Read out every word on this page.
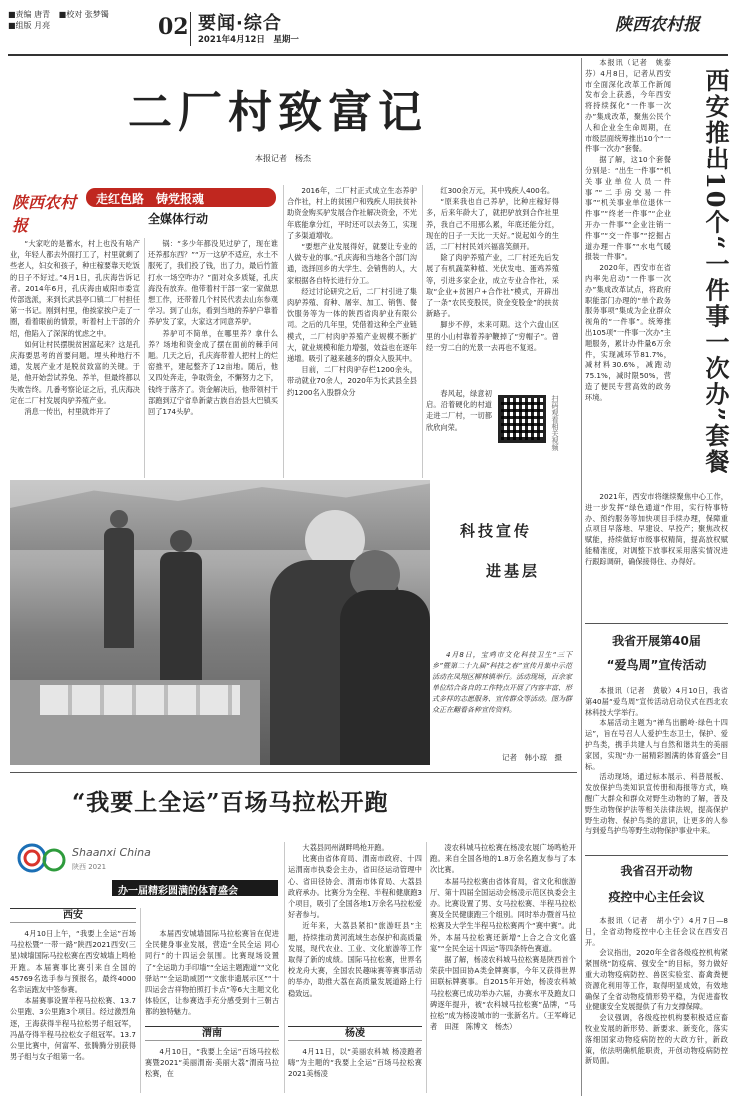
■责编 唐青 ■校对 张梦镯
■组版 月亮	02 要闻·综合
2021年4月12日　星期一
陕西农村报
二厂村致富记
本报记者　杨杰
陕西农村报
走红色路　铸党报魂
全媒体行动

“大家吃的是蓄水，村上也没有啥产业，年轻人都去外面打工了，村里就剩了些老人，妇女和孩子，种庄稼要靠天吃饭的日子不好过。”4月1日，孔庆海告诉记者。2014年6月，孔庆海由咸阳市委宣传部选派，来到长武县亭口镇二厂村担任第一书记。刚到村里，他挨家挨户走了一圈，看着眼前的情景，听着村上干部的介绍，他陷入了深深的忧虑之中。

如何让村民摆脱贫困富起来？这是孔庆海要思考的首要问题。埋头种地行不通，发展产业才是脱贫致富的关键。于是，他开始尝试养兔、养羊，但最终都以失败告终。几番考察论证之后，孔庆海决定在二厂村发展肉驴养殖产业。

消息一传出，村里就炸开了

锅：“多少年都没见过驴了，现在谁还养那东西？”“万一这驴不适应，水土不服死了，我们投了钱，出了力，最后竹篮打水一场空咋办？”面对众多质疑，孔庆海没有放弃。他带着村干部一家一家做思想工作，还带着几个村民代表去山东参观学习。到了山东，看到当地的养驴户靠着养驴发了家，大家这才同意养驴。

养驴可不简单，在哪里养？拿什么养？场地和资金成了摆在面前的棘手问题。几天之后，孔庆海带着人把村上的烂窑推平，建起整齐了12亩地。随后，他又四处奔走，争取资金，不懈努力之下，钱终于落齐了。资金解决后，他带领村干部跑到辽宁省阜新蒙古族自治县大巴镇买回了174头驴。

2016年，二厂村正式成立生态养驴合作社，村上的贫困户和残疾人用扶贫补助资金购买驴发展合作社解决资金，不光年底能拿分红，平时还可以去务工，实现了多渠道增收。

“要想产业发展得好，就要让专业的人做专业的事。”孔庆海和当地各个部门沟通，选择回乡的大学生、会销售的人，大家根据各自特长进行分工。

经过讨论研究之后，二厂村引进了集肉驴养殖、育种、屠宰、加工、销售、餐饮服务等为一体的陕西省肉驴业有限公司。之后的几年里，凭借着这种全产业链模式，二厂村肉驴养殖产业规模不断扩大，就业规模和能力增强，效益也在逐年递增。吸引了越来越多的群众入股其中。

目前，二厂村肉驴存栏1200余头，带动就业70余人，2020年为长武县全县约1200名入股群众分

红300余万元，其中残疾人400名。

“原来我也自己养驴，比种庄稼好得多，后来年龄大了，就把驴放到合作社里养，我自己不用那么累，年底还能分红，现在的日子一天比一天好。”说起如今的生活，二厂村村民刘兴福喜笑颜开。

除了肉驴养殖产业，二厂村还先后发展了有机蔬菜种植、光伏发电、蛋鸡养殖等，引进多家企业，成立专业合作社，采取“企业+贫困户+合作社”模式，开辟出了一条“农民变股民，资金变股金”的扶贫新路子。

脚步不停，未来可期。这个六盘山区里的小山村靠着养驴鞭掉了“穷帽子”。曾经一穷二白的光景一去再也不复返。

春风起，绿意初启。沿着硬化的村道走进二厂村，一切都欣欣向荣。	扫码观看相关视频
科技宣传
进基层
4月8日，宝鸡市文化科技卫生“三下乡”暨第二十九届“科技之春”宣传月集中示范活动在凤翔区柳林镇举行。活动现场，百余家单位结合各自的工作特点开展了内容丰富、形式多样的志愿服务、宣传群众等活动。图为群众正在翻看各种宣传资料。
记者　韩小琼　摄
“我要上全运”百场马拉松开跑
Shaanxi China
陕西 2021
办一届精彩圆满的体育盛会
西安

4月10日上午，“我要上全运”百场马拉松暨“一带一路”陕西2021西安(三星)城墙国际马拉松赛在西安城墙上鸣枪开跑。本届赛事比赛引来自全国的45769名选手参与预报名，最终4000名幸运跑友中签参赛。

本届赛事设置半程马拉松赛、13.7公里跑、3公里跑3个项目。经过激烈角逐，王海获得半程马拉松男子组冠军，冯晶夺得半程马拉松女子组冠军。13.7公里比赛中，何富军、张腾腾分别获得男子组与女子组第一名。

本届西安城墙国际马拉松赛旨在促进全民健身事业发展，营造“全民全运 同心同行”的十四运会氛围。比赛现场设置了“全运助力手印墙”“全运主题跑道”“文化驿站”“全运助威团”“文旅非遗展示区”“十四运会吉祥物拍照打卡点”等6大主题文化体验区，让参赛选手充分感受到十三朝古都的独特魅力。

渭南

4月10日，“我要上全运”百场马拉松赛暨2021“美丽渭南·美丽大荔”渭南马拉松赛，在

大荔县同州湖畔鸣枪开跑。

比赛由省体育局、渭南市政府、十四运渭南市执委会主办，省田径运动管理中心、省田径协会、渭南市体育局、大荔县政府承办。比赛分为全程、半程和健康跑3个项目，吸引了全国各地1万余名马拉松爱好者参与。

近年来，大荔县紧扣“旅游旺县”主题，持续推动黄河流域生态保护和高质量发展，现代农业、工业、文化旅游等工作取得了新的成绩。国际马拉松赛，世界名校龙舟大赛，全国农民趣味赛等赛事活动的举办，助推大荔在高质量发展道路上行稳致远。

杨凌

4月11日，以“美丽农科城 杨凌跑者嗨”为主题的“我要上全运”百场马拉松赛2021美杨凌

凌农科城马拉松赛在杨凌农展广场鸣枪开跑。来自全国各地的1.8万余名跑友参与了本次比赛。

本届马拉松赛由省体育局，省文化和旅游厅、第十四届全国运动会杨凌示范区执委会主办。比赛设置了男、女马拉松赛、半程马拉松赛及全民健康跑三个组别。同时举办暨首马拉松赛及大学生半程马拉松赛两个“赛中赛”。此外，本届马拉松赛还新增“上合之合文化盛宴”“全民全运十四运”等四条特色赛道。

据了解，杨凌农科城马拉松赛是陕西首个荣获中国田协A类金牌赛事，今年又获得世界田联标牌赛事。自2015年开始，杨凌农科城马拉松赛已成功举办六届，办赛水平及跑友口碑逐年提升，被“农科城马拉松赛”品牌，“马拉松”成为杨凌城市的一张新名片。（王军峰记者　田涯　陈博文　杨杰）

本报讯（记者　姚泰芬）4月8日，记者从西安市全面深化改革工作新闻发布会上获悉，今年西安将持续探化“一件事一次办”集成改革，聚焦公民个人和企业全生命周期，在市级层面统筹推出10个“一件事一次办”套餐。

据了解，这10个套餐分别是：“出生一件事”“机关事业单位人员一件事”“二手房交易一件事”“机关事业单位退休一件事”“终老一件事”“企业开办一件事”“企业注销一件事”“交一件事”“挖掘占道办理一件事”“水电气暖报装一件事”。

2020年，西安市在省内率先启动“一件事一次办”集成改革试点，将政府职能部门办理的“单个政务服务事项”集成为企业群众视角的“一件事”。统筹推出105项“一件事一次办”主题服务，累计办件量6万余件，实现减环节81.7%，减材料30.6%，减跑动75.1%，减时限50%，营造了便民专营高效的政务环境。	西安推出10个“一件事一次办”套餐

2021年，西安市将继续聚焦中心工作，进一步发挥“绿色通道”作用，实行特事特办、预约服务等加快项目手续办理，保障重点项目早落地、早建设、早投产；聚焦改权赋能，持续做好市级事权精简，提高放权赋能精准度，对调整下放事权采用落实情况进行跟踪调研，确保接得住、办得好。

我省开展第40届
“爱鸟周”宣传活动

本报讯（记者　黄敏）4月10日，我省第40届“爱鸟周”宣传活动启动仪式在西北农林科技大学举行。

本届活动主题为“禅鸟出鹏岭·绿色十四运”，旨在号召人人爱护生态卫士，保护、爱护鸟类，携手共建人与自然和谐共生的美丽家园，实现“办一届精彩圆满的体育盛会”目标。

活动现场，通过标本展示、科普展板、发放保护鸟类知识宣传册和海报等方式，唤醒广大群众和群众对野生动物的了解，普及野生动物保护法等相关法律法规，提高保护野生动物、保护鸟类的意识，让更多的人参与到爱鸟护鸟等野生动物保护事业中来。

我省召开动物
疫控中心主任会议

本报讯（记者　胡小宁）4月7日—8日，全省动物疫控中心主任会议在西安召开。

会议指出，2020年全省各级疫控机构紧紧围绕“防疫病、强安全”的目标，努力做好重大动物疫病防控、兽医实验室、畜禽粪便资源化利用等工作，取得明显成效，有效地确保了全省动物疫情形势平稳，为促进畜牧业健康安全发展提供了有力支撑保障。

会议强调，各级疫控机构要积极适应畜牧业发展的新形势、新要求、新变化，落实落细国家动物疫病防控的大政方针，新政策，依法明确机能职责，开创动物疫病防控新局面。
